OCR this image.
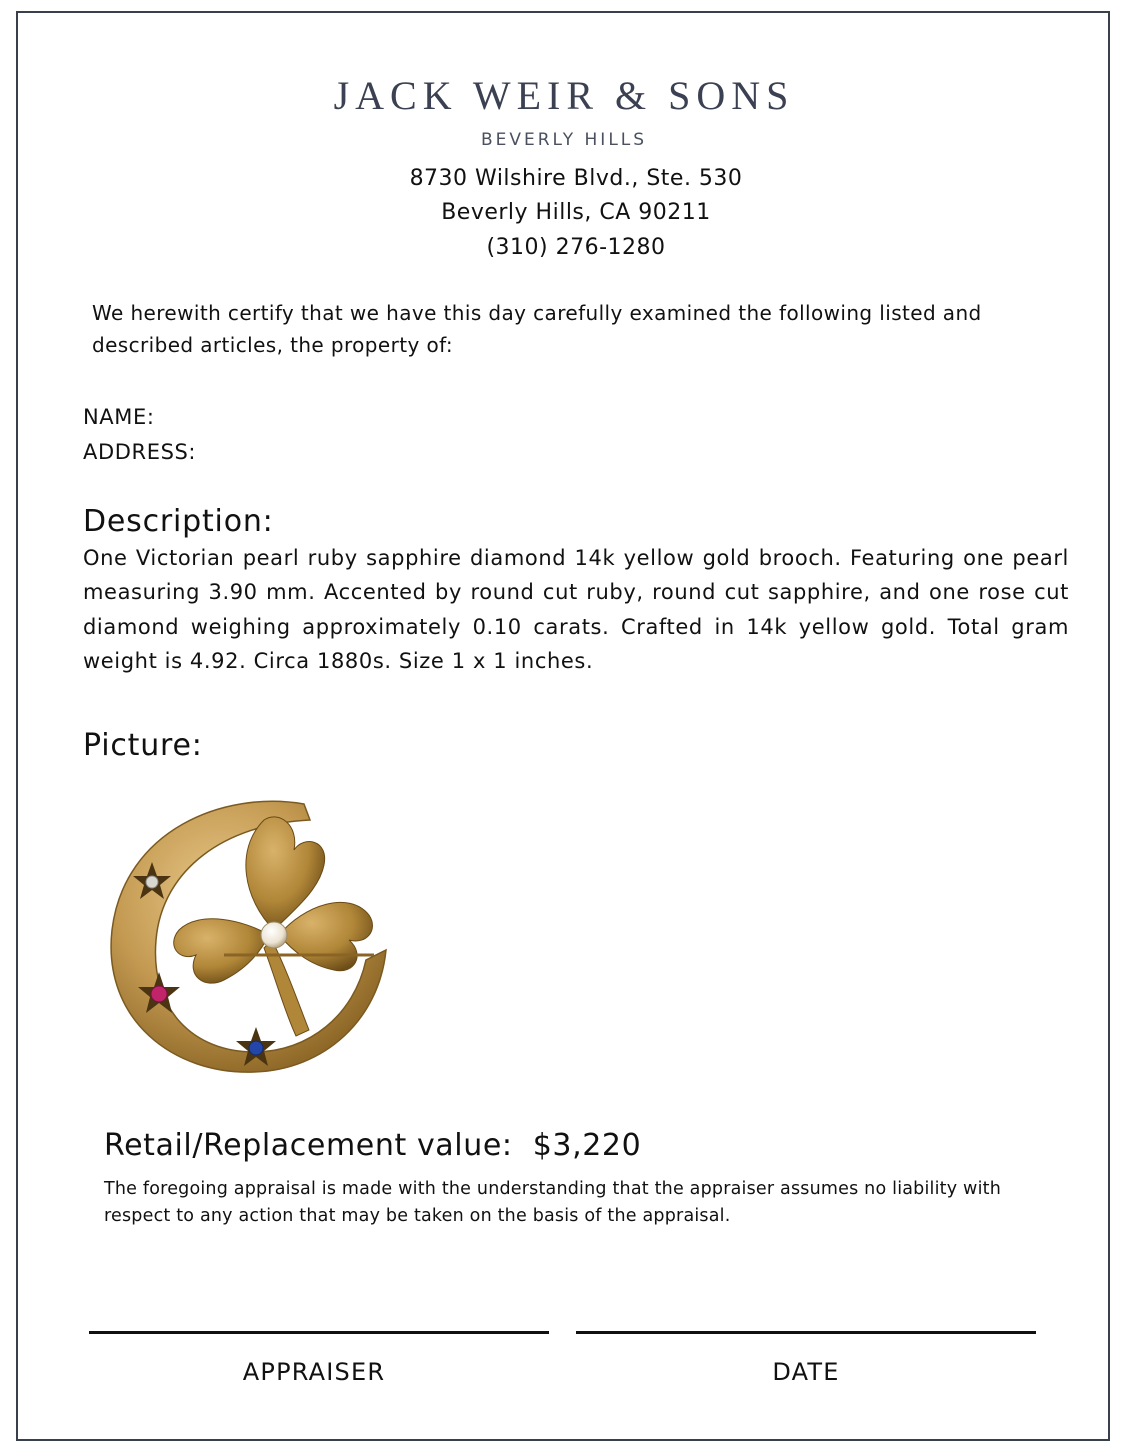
JACK WEIR & SONS
BEVERLY HILLS
8730 Wilshire Blvd., Ste. 530
Beverly Hills, CA 90211
(310) 276-1280
We herewith certify that we have this day carefully examined the following listed and described articles, the property of:
NAME:
ADDRESS:
Description:
One Victorian pearl ruby sapphire diamond 14k yellow gold brooch. Featuring one pearl measuring 3.90 mm. Accented by round cut ruby, round cut sapphire, and one rose cut diamond weighing approximately 0.10 carats. Crafted in 14k yellow gold. Total gram weight is 4.92. Circa 1880s. Size 1 x 1 inches.
Picture:
Retail/Replacement value: $3,220
The foregoing appraisal is made with the understanding that the appraiser assumes no liability with respect to any action that may be taken on the basis of the appraisal.
APPRAISER	DATE
